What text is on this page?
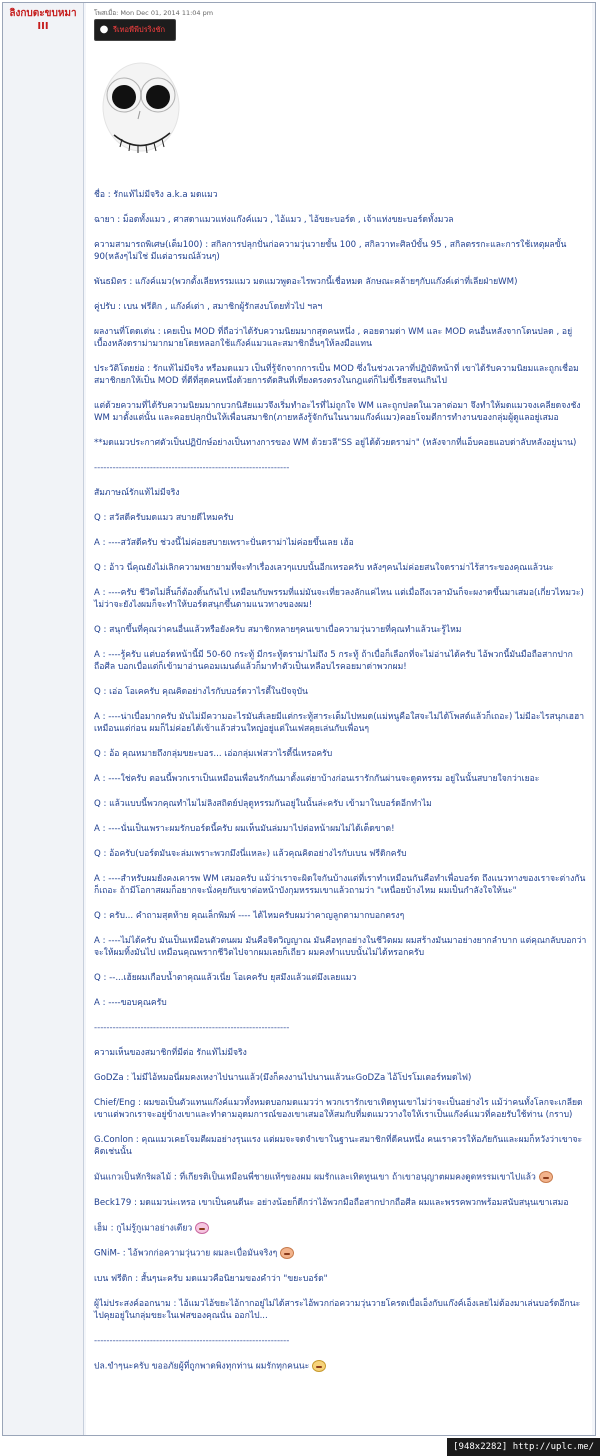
ลิงกบตะขบหมา III
โพสเมื่อ: Mon Dec 01, 2014 11:04 pm
● รีเทอพืพีปรริงชัก

ชื่อ : รักแท้ไม่มีจริง a.k.a มดแมว

ฉายา : ม็อดทั้งแมว , ศาสดาแมวแห่งแก๊งค์แมว , ไอ้แมว , ไอ้ขยะบอร์ด , เจ้าแห่งขยะบอร์ดทั้งมวล

ความสามารถพิเศษ(เต็ม100) : สกิลการปลุกปั่นก่อความวุ่นวายขั้น 100 , สกิลวาทะศิลป์ขั้น 95 , สกิลตรรกะและการใช้เหตุผลขั้น 90(หลังๆไม่ใช่ มีแต่อารมณ์ล้วนๆ)

พันธมิตร : แก๊งค์แมว(พวกตั้งเลียหรรมแมว มดแมวพูดอะไรพวกนี้เชื่อหมด ลักษณะคล้ายๆกับแก๊งค์เต่าที่เลียฝ่ายWM)

คู่ปรับ : เบน ฟรีดิก , แก๊งค์เต่า , สมาชิกผู้รักสงบโดยทั่วไป ฯลฯ

ผลงานที่โดดเด่น : เคยเป็น MOD ที่ถือว่าได้รับความนิยมมากสุดคนหนึ่ง , คอยตามด่า WM และ MOD คนอื่นหลังจากโดนปลด , อยู่เบื้องหลังดราม่ามากมายโดยหลอกใช้แก๊งค์แมวและสมาชิกอื่นๆให้ลงมือแทน

ประวัติโดยย่อ : รักแท้ไม่มีจริง หรือมดแมว เป็นที่รู้จักจากการเป็น MOD ซึ่งในช่วงเวลาที่ปฏิบัติหน้าที่ เขาได้รับความนิยมและถูกเชื่อมสมาชิกยกให้เป็น MOD ที่ดีที่สุดคนหนึ่งด้วยการตัดสินที่เที่ยงตรงตรงในกฎแต่ก็ไม่ขี้เรียสจนเกินไป

แต่ด้วยความที่ได้รับความนิยมมากบวกนิสัยแมวจึงเริ่มทำอะไรที่ไม่ถูกใจ WM และถูกปลดในเวลาต่อมา จึงทำให้มดแมวจงเคลียดจงชัง WM มาตั้งแต่นั้น และคอยปลุกปั่นให้เพื่อนสมาชิก(ภายหลังรู้จักกันในนามแก๊งค์แมว)คอยโจมตีการทำงานของกลุ่มผู้ดูแลอยู่เสมอ

**มดแมวประกาศตัวเป็นปฏิปักษ์อย่างเป็นทางการของ WM ด้วยวลี"SS อยู่ได้ด้วยดราม่า" (หลังจากที่แอ็บคอยแอบด่าลับหลังอยู่นาน)

---------------------------------------------------------------

สัมภาษณ์รักแท้ไม่มีจริง

Q : สวัสดีครับมดแมว สบายดีไหมครับ

A : ----สวัสดีครับ ช่วงนี้ไม่ค่อยสบายเพราะปั่นดราม่าไม่ค่อยขึ้นเลย เฮ้อ

Q : อ้าว นี่คุณยังไม่เลิกความพยายามที่จะทำเรื่องเลวๆแบบนั้นอีกเหรอครับ หลังๆคนไม่ค่อยสนใจดราม่าไร้สาระของคุณแล้วนะ

A : ----ครับ ชีวิตไม่สิ้นก็ต้องดิ้นกันไป เหมือนกับพรรมที่แม่มันจะเที่ยวลงลักแค่ไหน แต่เมื่อถึงเวลามันก็จะผงาดขึ้นมาเสมอ(เกี่ยวไหมวะ) ไม่ว่าจะยังไงผมก็จะทำให้บอร์ดสนุกขึ้นตามแนวทางของผม!

Q : สนุกขึ้นที่คุณว่าคนอื่นแล้วหรือยังครับ สมาชิกหลายๆคนเขาเบื่อความวุ่นวายที่คุณทำแล้วนะรู้ไหม

A : ----รู้ครับ แต่บอร์ดหน้านี้มี 50-60 กระทู้ มีกระทู้ดราม่าไม่ถึง 5 กระทู้ ถ้าเบื่อก็เลือกที่จะไม่อ่านได้ครับ ไอ้พวกนี้มันมือถือสากปากถือศีล บอกเบื่อแต่ก็เข้ามาอ่านคอมเมนต์แล้วก็มาทำตัวเป็นเหลือบไรคอยมาด่าพวกผม!

Q : เอ่อ โอเคครับ คุณคิดอย่างไรกับบอร์ดวาไรตี้ในปัจจุบัน

A : ----น่าเบื่อมากครับ มันไม่มีความอะไรมันส์เลยมีแต่กระทู้สาระเต็มไปหมด(แม่หนูคือใสจะไม่ได้โพสต์แล้วก็เถอะ) ไม่มีอะไรสนุกเฮฮาเหมือนแต่ก่อน ผมก็ไม่ค่อยได้เข้าแล้วส่วนใหญ่อยู่แต่ในเฟสคุยเล่นกับเพื่อนๆ

Q : อ้อ คุณหมายถึงกลุ่มขยะบอร... เอ่อกลุ่มเฟสวาไรตี้นี่เหรอครับ

A : ----ใช่ครับ ตอนนี้พวกเราเป็นเหมือนเพื่อนรักกันมาตั้งแต่ยาบ้างก่อนเรารักกันผ่านจะดูตหรรม อยู่ในนั้นสบายใจกว่าเยอะ

Q : แล้วแบบนี้พวกคุณทำไมไม่ลิงสถิตย์ปลุดูหรรมกันอยู่ในนั้นล่ะครับ เข้ามาในบอร์ดอีกทำไม

A : ----นั่นเป็นเพราะผมรักบอร์ดนี้ครับ ผมเห็นมันล่มมาไปต่อหน้าผมไม่ได้เด็ดขาด!

Q : อ้อครับ(บอร์ดมันจะล่มเพราะพวกมึงนี่แหละ) แล้วคุณคิดอย่างไรกับเบน ฟรีดิกครับ

A : ----สำหรับผมยังคงเคารพ WM เสมอครับ แม้ว่าเราจะผิดใจกันบ้างแต่ที่เราทำเหมือนกันคือทำเพื่อบอร์ด ถึงแนวทางของเราจะต่างกันก็เถอะ ถ้ามีโอกาสผมก็อยากจะนั่งคุยกับเขาต่อหน้าบังกุมหรรมเขาแล้วถามว่า "เหนื่อยบ้างไหม ผมเป็นกำลังใจให้นะ"

Q : ครับ... คำถามสุดท้าย คุณเล็กพิมพ์ ---- ได้ไหมครับผมว่าคาญลูกตามากบอกตรงๆ

A : ----ไม่ได้ครับ มันเป็นเหมือนตัวตนผม มันคือจิตวิญญาณ มันคือทุกอย่างในชีวิตผม ผมสร้างมันมาอย่างยากลำบาก แต่คุณกลับบอกว่าจะให้ผมทิ้งมันไป เหมือนคุณพรากชีวิตไปจากผมเลยก็เถียว ผมคงทำแบบนั้นไม่ได้หรอกครับ

Q : --...เฮ้ยผมเกือบน้ำตาคุณแล้วเนี่ย โอเคครับ ยุสมึงแล้วแต่มึงเลยแมว

A : ----ขอบคุณครับ

---------------------------------------------------------------

ความเห็นของสมาชิกที่มีต่อ รักแท้ไม่มีจริง

GoDZa : ไม่มีไอ้หมอนี่ผมคงเหงาไปนานแล้ว(มึงก็คงงานไปนานแล้วนะGoDZa ไอ้โปรโมเตอร์หมดไฟ)

Chief/Eng : ผมขอเป็นตัวแทนแก๊งค์แมวทั้งหมดบอกมดแมวว่า พวกเรารักเขาเทิดทูนเขาไม่ว่าจะเป็นอย่างไร แม้ว่าคนทั้งโลกจะเกลียดเขาแต่พวกเราจะอยู่ข้างเขาและทำตามอุดมการณ์ของเขาเสมอให้สมกับที่มดแมววางใจให้เราเป็นแก๊งค์แมวที่คอยรับใช้ท่าน (กราบ)

G.Conlon : คุณแมวเคยโจมตีผมอย่างรุนแรง แต่ผมจะจดจำเขาในฐานะสมาชิกที่ดีคนหนึ่ง คนเราควรให้อภัยกันและผมก็หวังว่าเขาจะคิดเช่นนั้น

มันแกวเป็นหักริผลไม้ : ที่เกียรติเป็นเหมือนพี่ชายแท้ๆของผม ผมรักและเทิดทูนเขา ถ้าเขาอนุญาตผมคงดูดหรรมเขาไปแล้ว

Beck179 : มดแมวน่ะเหรอ เขาเป็นคนดีนะ อย่างน้อยก็ดีกว่าไอ้พวกมือถือสากปากถือศีล ผมและพรรคพวกพร้อมสนับสนุนเขาเสมอ

เฮ็ม : กูไม่รู้กูเมาอย่างเดียว

GNiM- : ไอ้พวกก่อความวุ่นวาย ผมละเบื่อมันจริงๆ

เบน ฟรีดิก : สั้นๆนะครับ มดแมวคือนิยามของคำว่า "ขยะบอร์ด"

ผู้ไม่ประสงค์ออกนาม : ไอ้แมวไอ้ขยะไอ้กากอยู่ไม่ได้สาระไอ้พวกก่อความวุ่นวายโครตเบื่อเอ็งกับแก๊งค์เอ็งเลยไม่ต้องมาเล่นบอร์ดอีกนะไปคุยอยู่ในกลุ่มขยะในเฟสของคุณนั่น ออกไป...

---------------------------------------------------------------

ปล.ขำๆนะครับ ขออภัยผู้ที่ถูกพาดพิงทุกท่าน ผมรักทุกคนนะ

[948x2282] http://uplc.me/
